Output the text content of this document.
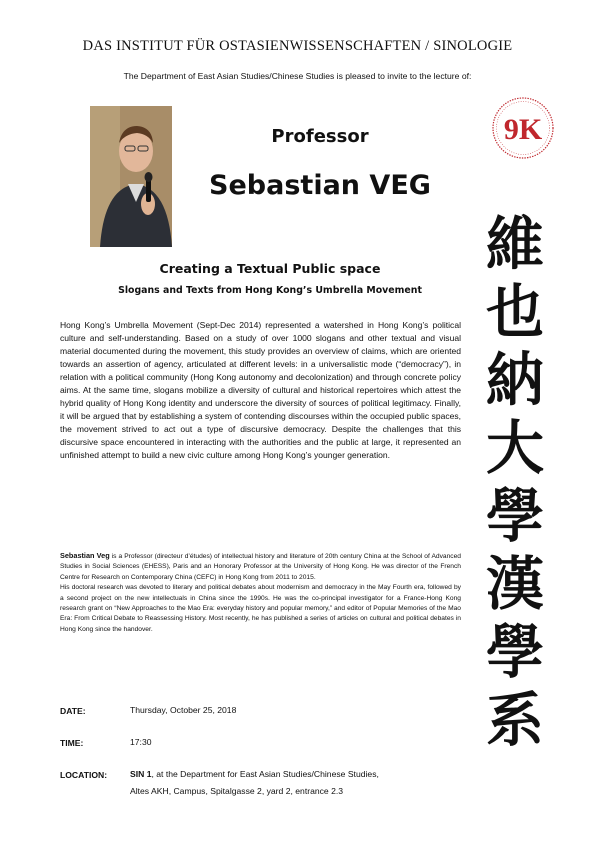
DAS INSTITUT FÜR OSTASIENWISSENSCHAFTEN / SINOLOGIE
The Department of East Asian Studies/Chinese Studies is pleased to invite to the lecture of:
9K
Professor
Sebastian VEG
Creating a Textual Public space
Slogans and Texts from Hong Kong’s Umbrella Movement
Hong Kong’s Umbrella Movement (Sept-Dec 2014) represented a watershed in Hong Kong’s political culture and self-understanding. Based on a study of over 1000 slogans and other textual and visual material documented during the movement, this study provides an overview of claims, which are oriented towards an assertion of agency, articulated at different levels: in a universalistic mode (“democracy”), in relation with a political community (Hong Kong autonomy and decolonization) and through concrete policy aims. At the same time, slogans mobilize a diversity of cultural and historical repertoires which attest the hybrid quality of Hong Kong identity and underscore the diversity of sources of political legitimacy. Finally, it will be argued that by establishing a system of contending discourses within the occupied public spaces, the movement strived to act out a type of discursive democracy. Despite the challenges that this discursive space encountered in interacting with the authorities and the public at large, it represented an unfinished attempt to build a new civic culture among Hong Kong’s younger generation.

Sebastian Veg is a Professor (directeur d’études) of intellectual history and literature of 20th century China at the School of Advanced Studies in Social Sciences (EHESS), Paris and an Honorary Professor at the University of Hong Kong. He was director of the French Centre for Research on Contemporary China (CEFC) in Hong Kong from 2011 to 2015.

His doctoral research was devoted to literary and political debates about modernism and democracy in the May Fourth era, followed by a second project on the new intellectuals in China since the 1990s. He was the co-principal investigator for a France-Hong Kong research grant on “New Approaches to the Mao Era: everyday history and popular memory,” and editor of Popular Memories of the Mao Era: From Critical Debate to Reassessing History. Most recently, he has published a series of articles on cultural and political debates in Hong Kong since the handover.

DATE:	Thursday, October 25, 2018
TIME:	17:30
LOCATION:	SIN 1, at the Department for East Asian Studies/Chinese Studies,
Altes AKH, Campus, Spitalgasse 2, yard 2, entrance 2.3
維
也
納
大
學
漢
學
系
